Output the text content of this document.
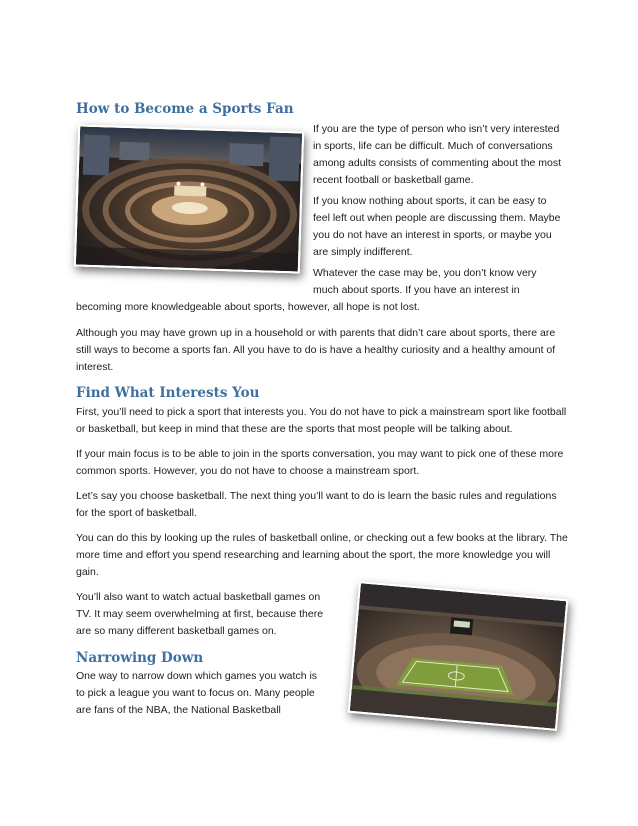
How to Become a Sports Fan
If you are the type of person who isn’t very interested
in sports, life can be difficult. Much of conversations
among adults consists of commenting about the most
recent football or basketball game.
If you know nothing about sports, it can be easy to
feel left out when people are discussing them. Maybe
you do not have an interest in sports, or maybe you
are simply indifferent.
Whatever the case may be, you don’t know very
much about sports. If you have an interest in
becoming more knowledgeable about sports, however, all hope is not lost.
Although you may have grown up in a household or with parents that didn’t care about sports, there are still ways to become a sports fan. All you have to do is have a healthy curiosity and a healthy amount of interest.
Find What Interests You
First, you’ll need to pick a sport that interests you. You do not have to pick a mainstream sport like football or basketball, but keep in mind that these are the sports that most people will be talking about.
If your main focus is to be able to join in the sports conversation, you may want to pick one of these more common sports. However, you do not have to choose a mainstream sport.
Let’s say you choose basketball. The next thing you’ll want to do is learn the basic rules and regulations for the sport of basketball.
You can do this by looking up the rules of basketball online, or checking out a few books at the library. The more time and effort you spend researching and learning about the sport, the more knowledge you will gain.
You’ll also want to watch actual basketball games on
TV. It may seem overwhelming at first, because there
are so many different basketball games on.
Narrowing Down
One way to narrow down which games you watch is
to pick a league you want to focus on. Many people
are fans of the NBA, the National Basketball
